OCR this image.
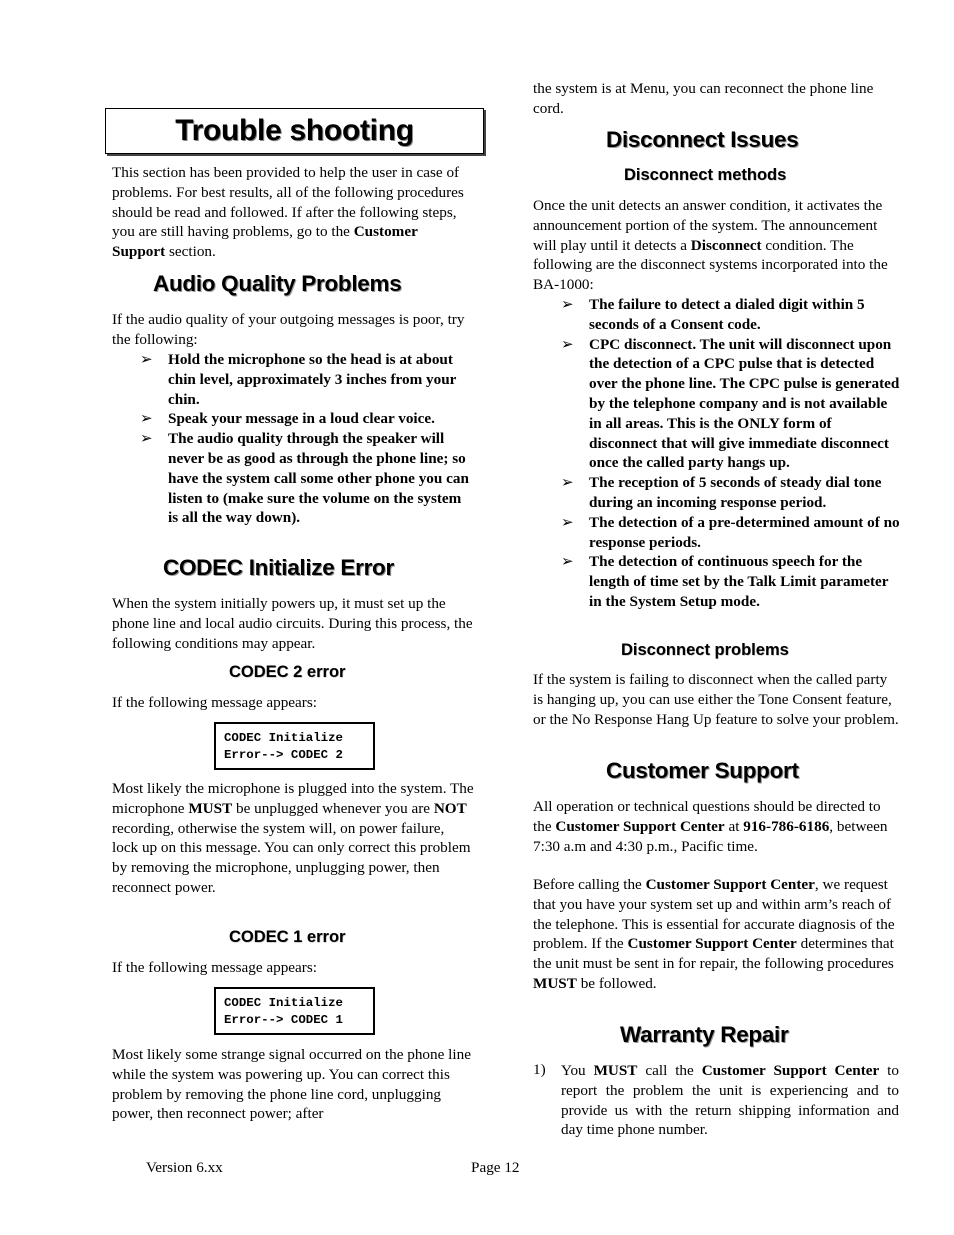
Trouble shooting

This section has been provided to help the user in case of problems. For best results, all of the following procedures should be read and followed. If after the following steps, you are still having problems, go to the Customer Support section.

Audio Quality Problems

If the audio quality of your outgoing messages is poor, try the following:

➢ Hold the microphone so the head is at about chin level, approximately 3 inches from your chin.
➢ Speak your message in a loud clear voice.
➢ The audio quality through the speaker will never be as good as through the phone line; so have the system call some other phone you can listen to (make sure the volume on the system is all the way down).
CODEC Initialize Error

When the system initially powers up, it must set up the phone line and local audio circuits. During this process, the following conditions may appear.

CODEC 2 error

If the following message appears:

CODEC Initialize
Error--> CODEC 2

Most likely the microphone is plugged into the system. The microphone MUST be unplugged whenever you are NOT recording, otherwise the system will, on power failure, lock up on this message. You can only correct this problem by removing the microphone, unplugging power, then reconnect power.

CODEC 1 error

If the following message appears:

CODEC Initialize
Error--> CODEC 1

Most likely some strange signal occurred on the phone line while the system was powering up. You can correct this problem by removing the phone line cord, unplugging power, then reconnect power; after

the system is at Menu, you can reconnect the phone line cord.

Disconnect Issues
Disconnect methods

Once the unit detects an answer condition, it activates the announcement portion of the system. The announcement will play until it detects a Disconnect condition. The following are the disconnect systems incorporated into the BA-1000:

➢ The failure to detect a dialed digit within 5 seconds of a Consent code.
➢ CPC disconnect. The unit will disconnect upon the detection of a CPC pulse that is detected over the phone line. The CPC pulse is generated by the telephone company and is not available in all areas. This is the ONLY form of disconnect that will give immediate disconnect once the called party hangs up.
➢ The reception of 5 seconds of steady dial tone during an incoming response period.
➢ The detection of a pre-determined amount of no response periods.
➢ The detection of continuous speech for the length of time set by the Talk Limit parameter in the System Setup mode.
Disconnect problems

If the system is failing to disconnect when the called party is hanging up, you can use either the Tone Consent feature, or the No Response Hang Up feature to solve your problem.

Customer Support

All operation or technical questions should be directed to the Customer Support Center at 916-786-6186, between 7:30 a.m and 4:30 p.m., Pacific time.

Before calling the Customer Support Center, we request that you have your system set up and within arm’s reach of the telephone. This is essential for accurate diagnosis of the problem. If the Customer Support Center determines that the unit must be sent in for repair, the following procedures MUST be followed.

Warranty Repair
1) You MUST call the Customer Support Center to report the problem the unit is experiencing and to provide us with the return shipping information and day time phone number.

Version 6.xx	Page 12
